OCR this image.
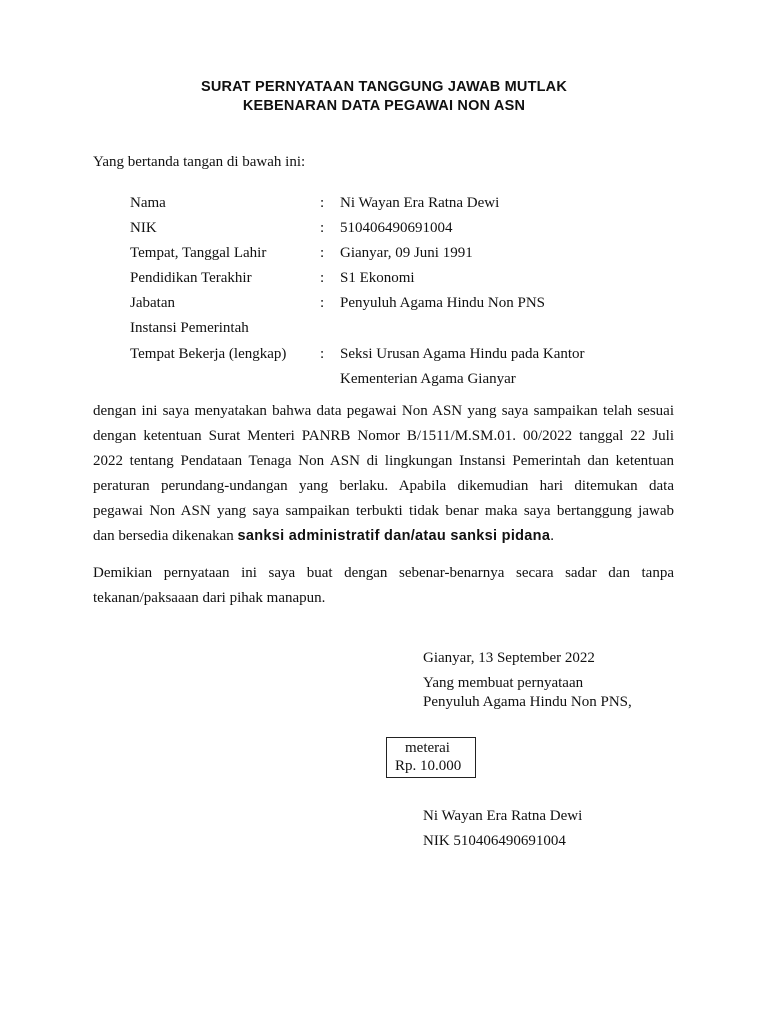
SURAT PERNYATAAN TANGGUNG JAWAB MUTLAK
KEBENARAN DATA PEGAWAI NON ASN
Yang bertanda tangan di bawah ini:
Nama	: Ni Wayan Era Ratna Dewi
NIK	: 510406490691004
Tempat, Tanggal Lahir	: Gianyar, 09 Juni 1991
Pendidikan Terakhir	: S1 Ekonomi
Jabatan	: Penyuluh Agama Hindu Non PNS
Instansi Pemerintah
Tempat Bekerja (lengkap) : Seksi Urusan Agama Hindu pada Kantor
Kementerian Agama Gianyar
dengan ini saya menyatakan bahwa data pegawai Non ASN yang saya sampaikan telah sesuai
dengan ketentuan Surat Menteri PANRB Nomor B/1511/M.SM.01. 00/2022 tanggal 22 Juli
2022 tentang Pendataan Tenaga Non ASN di lingkungan Instansi Pemerintah dan ketentuan
peraturan perundang-undangan yang berlaku. Apabila dikemudian hari ditemukan data
pegawai Non ASN yang saya sampaikan terbukti tidak benar maka saya bertanggung jawab
dan bersedia dikenakan sanksi administratif dan/atau sanksi pidana.
Demikian pernyataan ini saya buat dengan sebenar-benarnya secara sadar dan tanpa
tekanan/paksaaan dari pihak manapun.
Gianyar, 13 September 2022
Yang membuat pernyataan
Penyuluh Agama Hindu Non PNS,
meterai
Rp. 10.000
Ni Wayan Era Ratna Dewi
NIK 510406490691004
